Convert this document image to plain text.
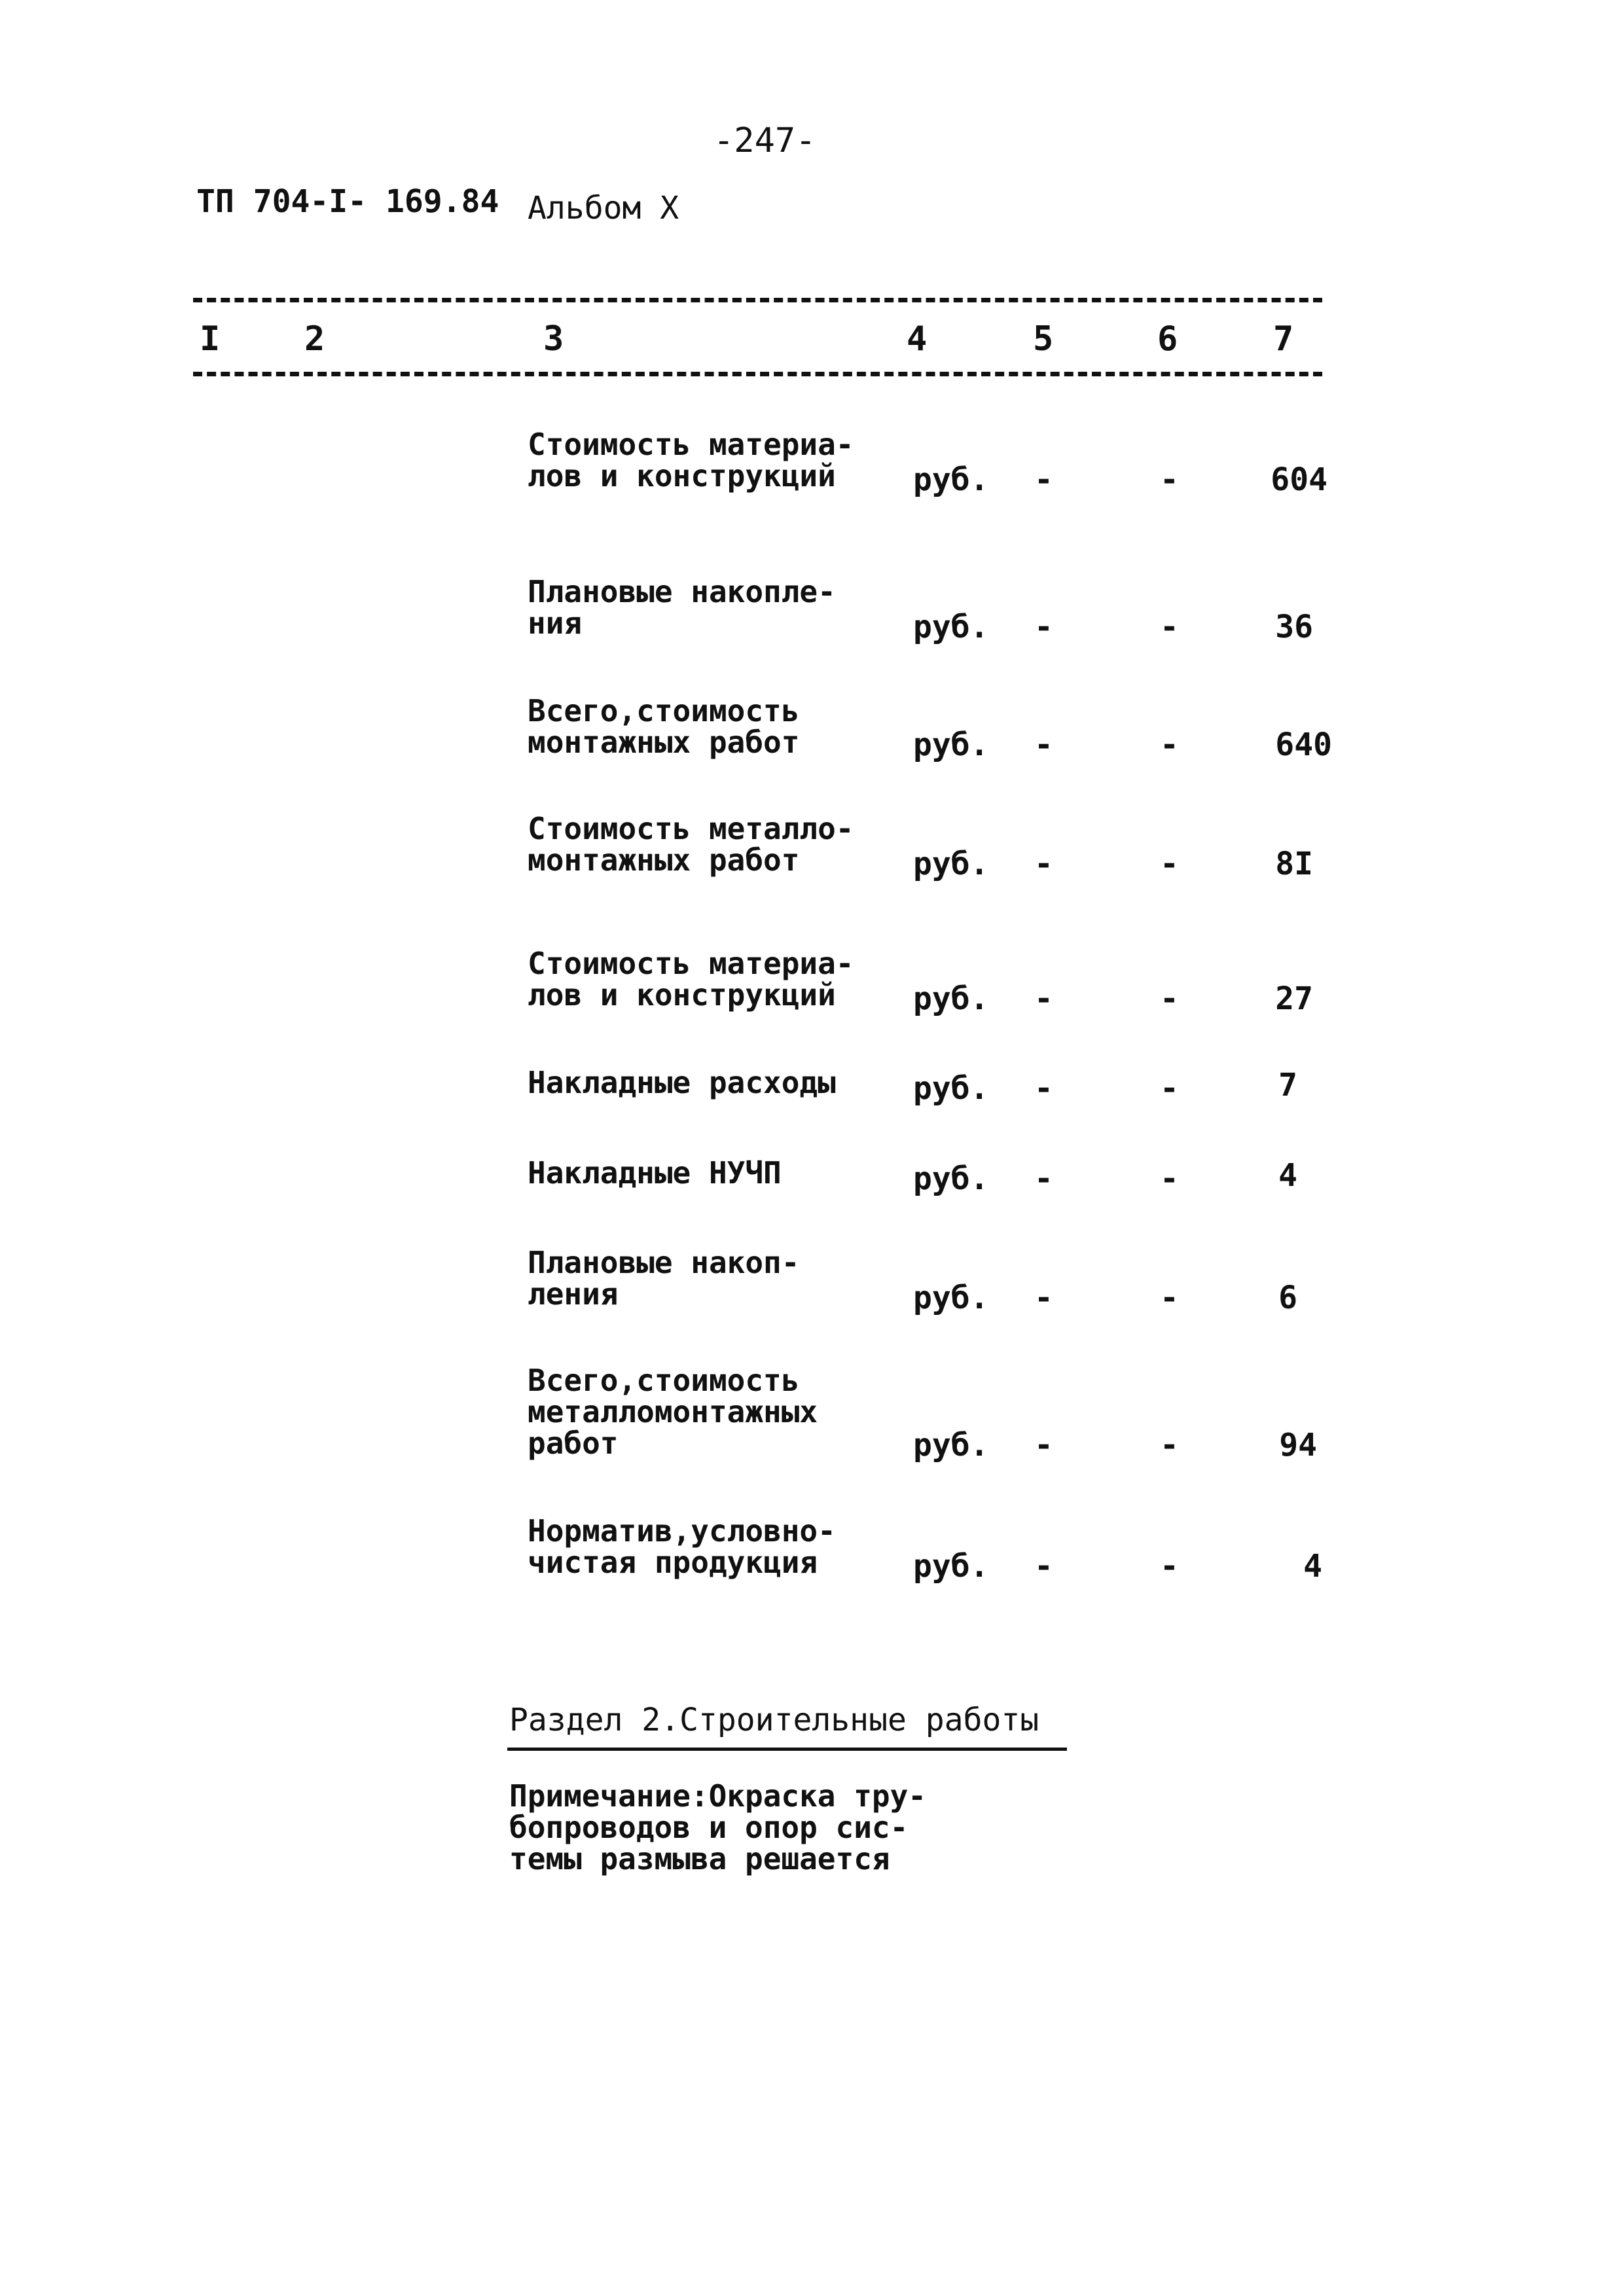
-247-
ТП 704-I- 169.84 Альбом X
I 2	3	4	5	6	7
Стоимость материа-
лов и конструкций	руб. -	-	604
Плановые накопле-
ния	руб. -	-	36
Всего,стоимость
монтажных работ	руб. -	-	640
Стоимость металло-
монтажных работ	руб. -	-	8I
Стоимость материа-
лов и конструкций	руб. -	-	27
Накладные расходы	руб. -	-	7
Накладные НУЧП	руб. -	-	4
Плановые накоп-
ления	руб. -	-	6
Всего,стоимость
металломонтажных
работ	руб. -	-	94
Норматив,условно-
чистая продукция	руб. -	-	4
Раздел 2.Строительные работы
Примечание:Окраска тру-
бопроводов и опор сис-
темы размыва решается
